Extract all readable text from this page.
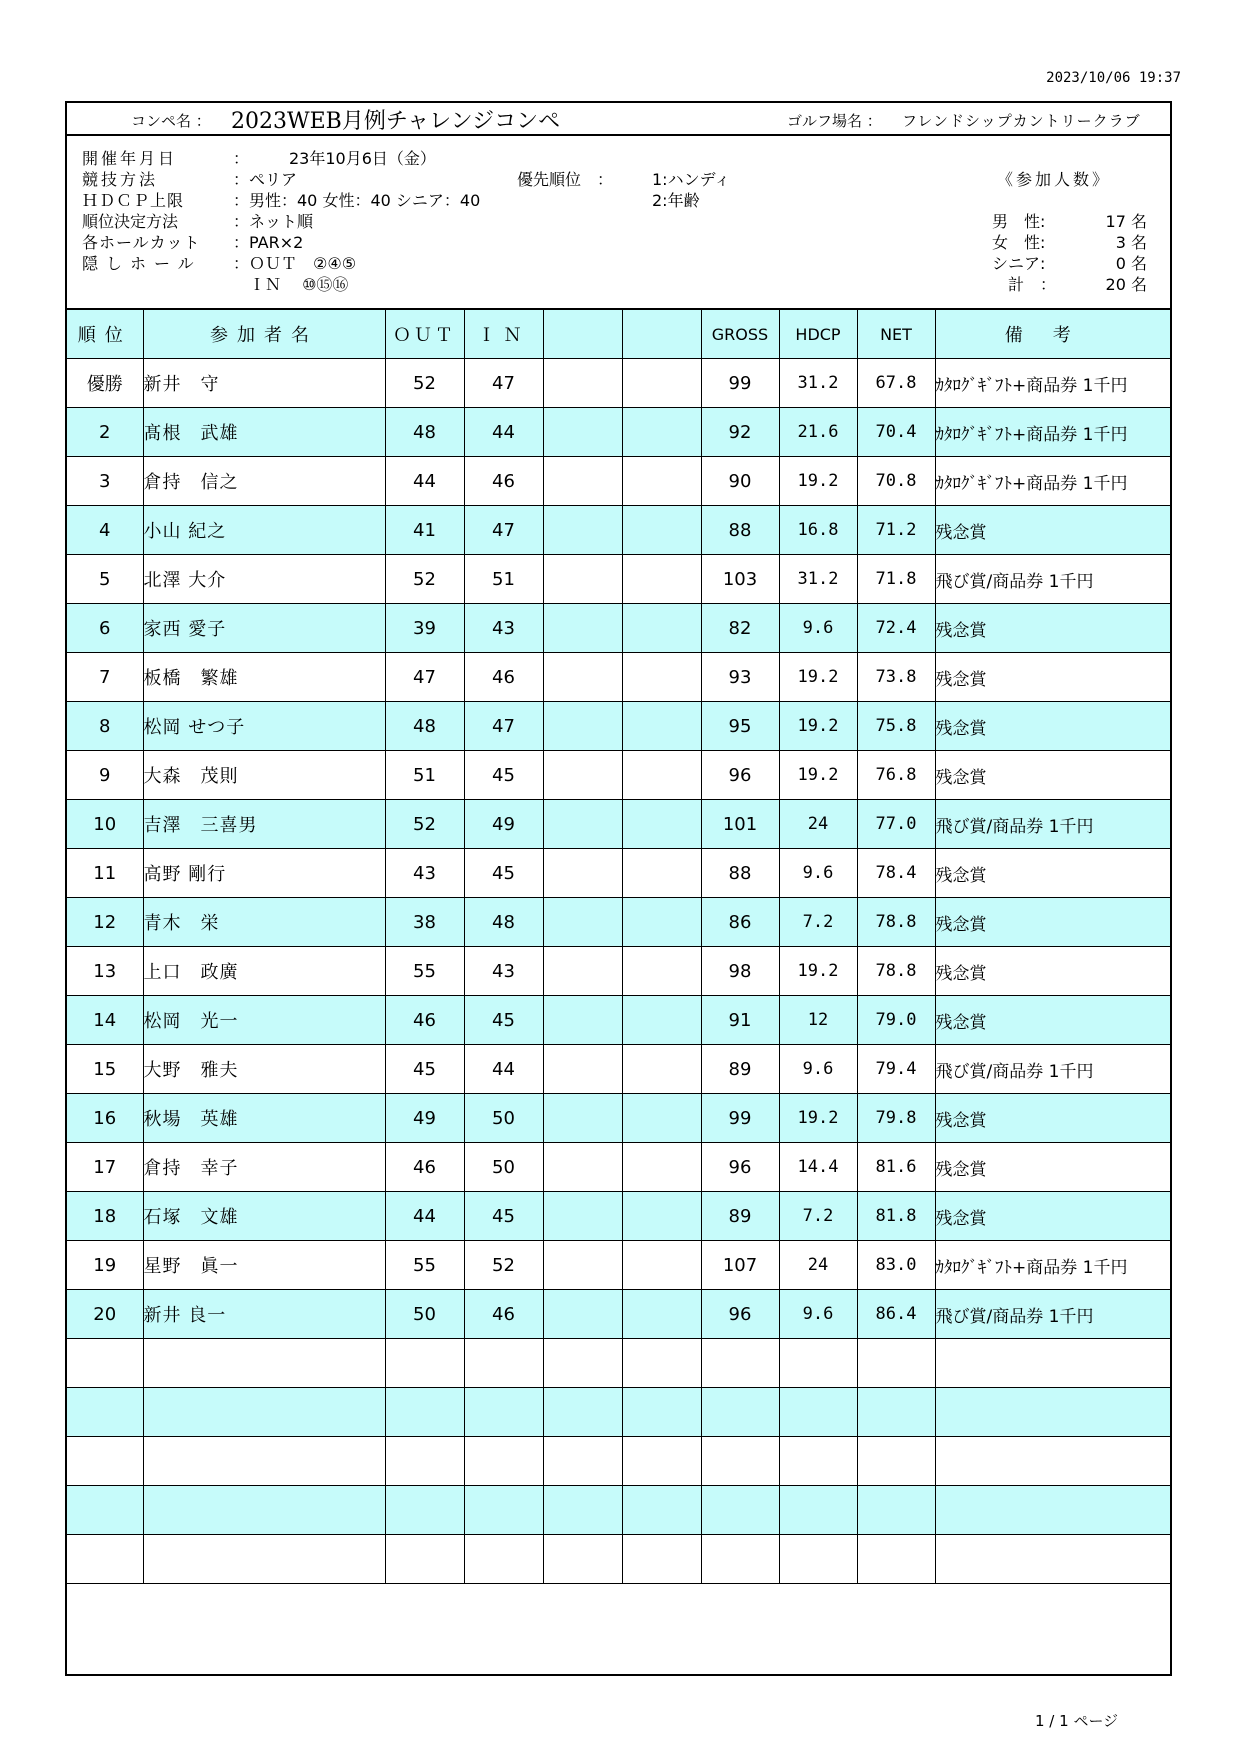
2023/10/06 19:37
コンペ名 ： 2023WEB月例チャレンジコンペ	ゴルフ場名 ： フレンドシップカントリークラブ
開催年月日	：　　　23年10月6日（金）
競技方法	：ペリア
ＨＤＣＰ上限	：男性：40 女性：40 シニア：40
順位決定方法	：ネット順
各ホールカット ：PAR×2
隠しホール ：ＯＵＴ　②④⑤
　ＩＮ　 ⑩⑮⑯
優先順位　： 1:ハンディ
2:年齢
《参加人数》
男　性:	17 名
女　性:	3 名
シニア:	0 名
　計　：	20 名
順位	参加者名	ＯＵＴ	ＩＮ			GROSS	HDCP	NET	備考
優勝	新井　守	52	47			99	31.2	67.8	ｶﾀﾛｸﾞｷﾞﾌﾄ+商品券 1千円
2	髙根　武雄	48	44			92	21.6	70.4	ｶﾀﾛｸﾞｷﾞﾌﾄ+商品券 1千円
3	倉持　信之	44	46			90	19.2	70.8	ｶﾀﾛｸﾞｷﾞﾌﾄ+商品券 1千円
4	小山 紀之	41	47			88	16.8	71.2	残念賞
5	北澤 大介	52	51			103	31.2	71.8	飛び賞/商品券 1千円
6	家西 愛子	39	43			82	9.6	72.4	残念賞
7	板橋　繁雄	47	46			93	19.2	73.8	残念賞
8	松岡 せつ子	48	47			95	19.2	75.8	残念賞
9	大森　茂則	51	45			96	19.2	76.8	残念賞
10	吉澤　三喜男	52	49			101	24	77.0	飛び賞/商品券 1千円
11	高野 剛行	43	45			88	9.6	78.4	残念賞
12	青木　栄	38	48			86	7.2	78.8	残念賞
13	上口　政廣	55	43			98	19.2	78.8	残念賞
14	松岡　光一	46	45			91	12	79.0	残念賞
15	大野　雅夫	45	44			89	9.6	79.4	飛び賞/商品券 1千円
16	秋場　英雄	49	50			99	19.2	79.8	残念賞
17	倉持　幸子	46	50			96	14.4	81.6	残念賞
18	石塚　文雄	44	45			89	7.2	81.8	残念賞
19	星野　眞一	55	52			107	24	83.0	ｶﾀﾛｸﾞｷﾞﾌﾄ+商品券 1千円
20	新井 良一	50	46			96	9.6	86.4	飛び賞/商品券 1千円

1 / 1 ページ
